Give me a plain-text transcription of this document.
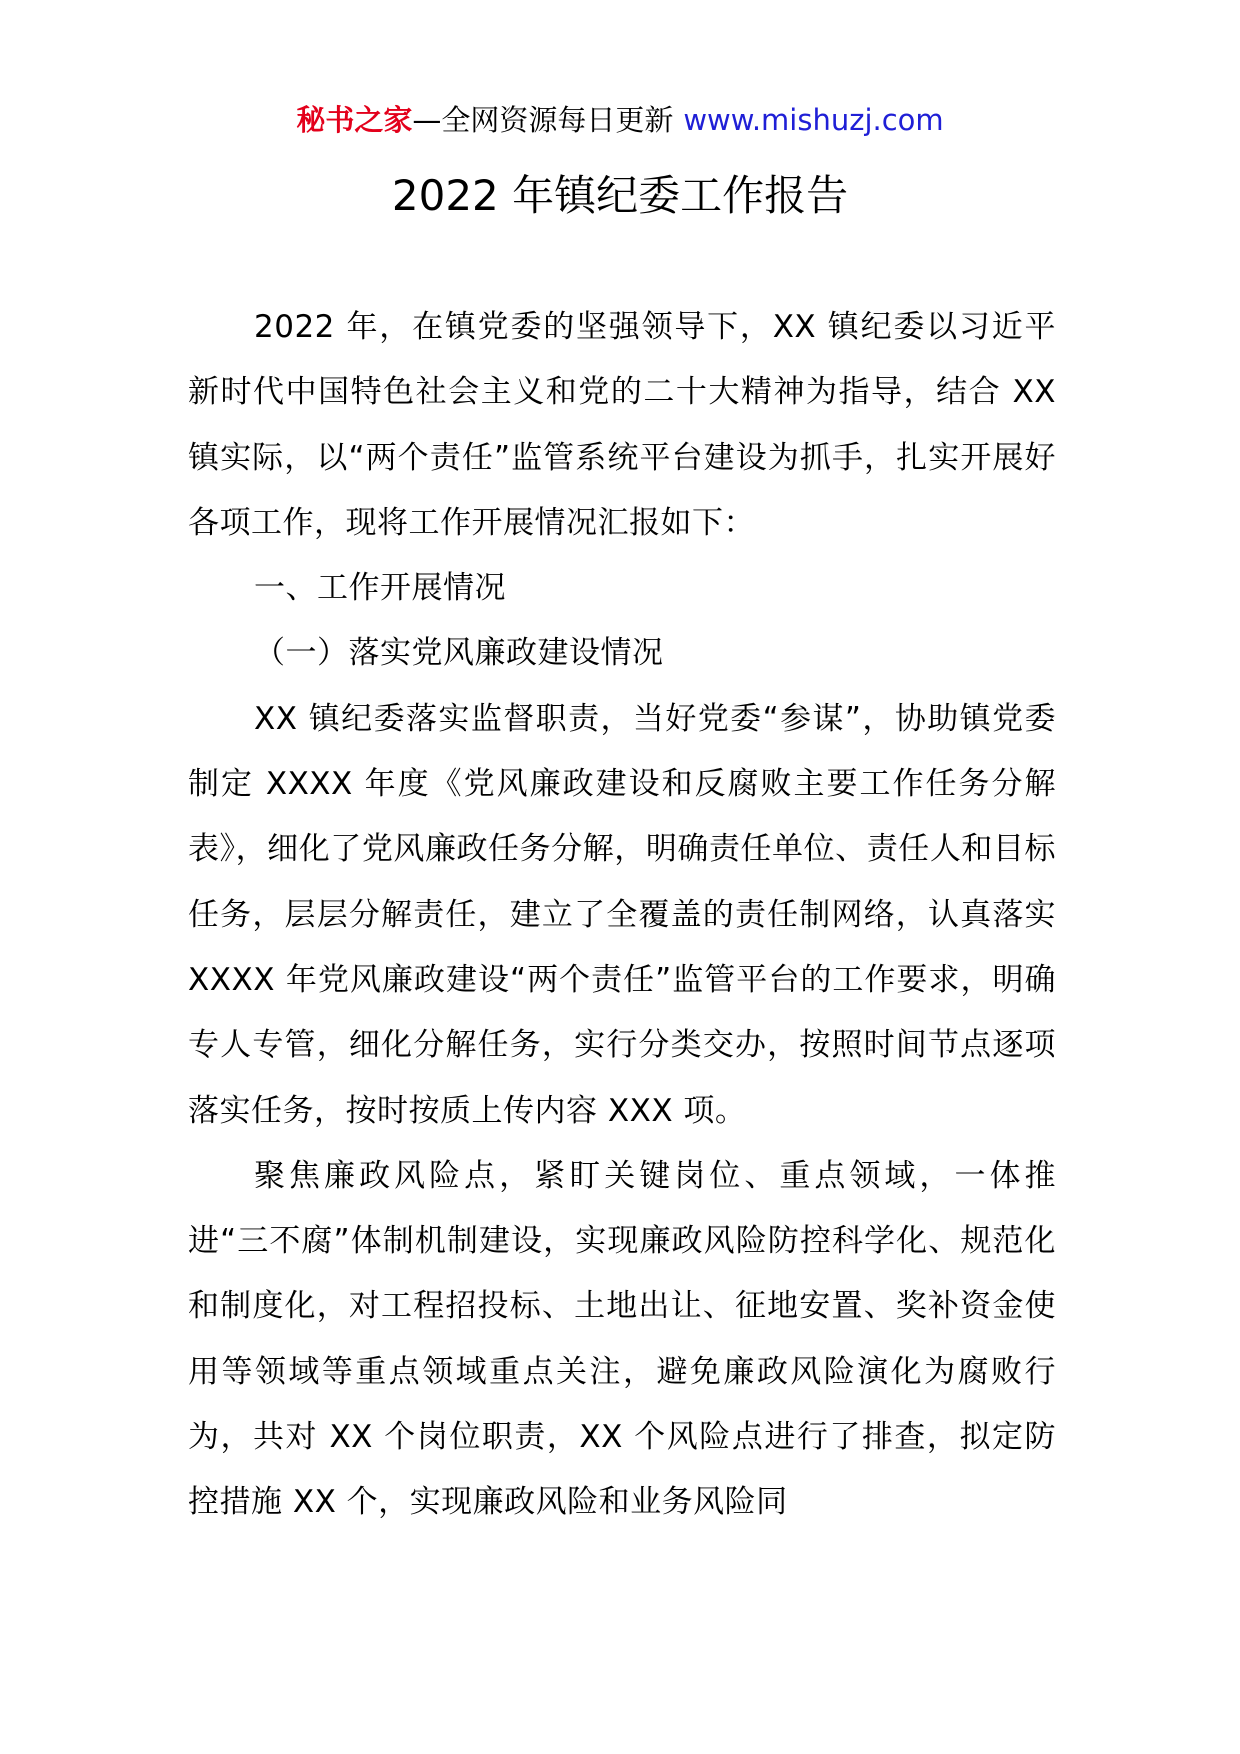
秘书之家—全网资源每日更新 www.mishuzj.com
2022 年镇纪委工作报告

2022 年，在镇党委的坚强领导下，XX 镇纪委以习近平新时代中国特色社会主义和党的二十大精神为指导，结合 XX 镇实际，以“两个责任”监管系统平台建设为抓手，扎实开展好各项工作，现将工作开展情况汇报如下：

一、工作开展情况

（一）落实党风廉政建设情况

XX 镇纪委落实监督职责，当好党委“参谋”，协助镇党委制定 XXXX 年度《党风廉政建设和反腐败主要工作任务分解表》，细化了党风廉政任务分解，明确责任单位、责任人和目标任务，层层分解责任，建立了全覆盖的责任制网络，认真落实 XXXX 年党风廉政建设“两个责任”监管平台的工作要求，明确专人专管，细化分解任务，实行分类交办，按照时间节点逐项落实任务，按时按质上传内容 XXX 项。

聚焦廉政风险点，紧盯关键岗位、重点领域，一体推进“三不腐”体制机制建设，实现廉政风险防控科学化、规范化和制度化，对工程招投标、土地出让、征地安置、奖补资金使用等领域等重点领域重点关注，避免廉政风险演化为腐败行为，共对 XX 个岗位职责，XX 个风险点进行了排查，拟定防控措施 XX 个，实现廉政风险和业务风险同
